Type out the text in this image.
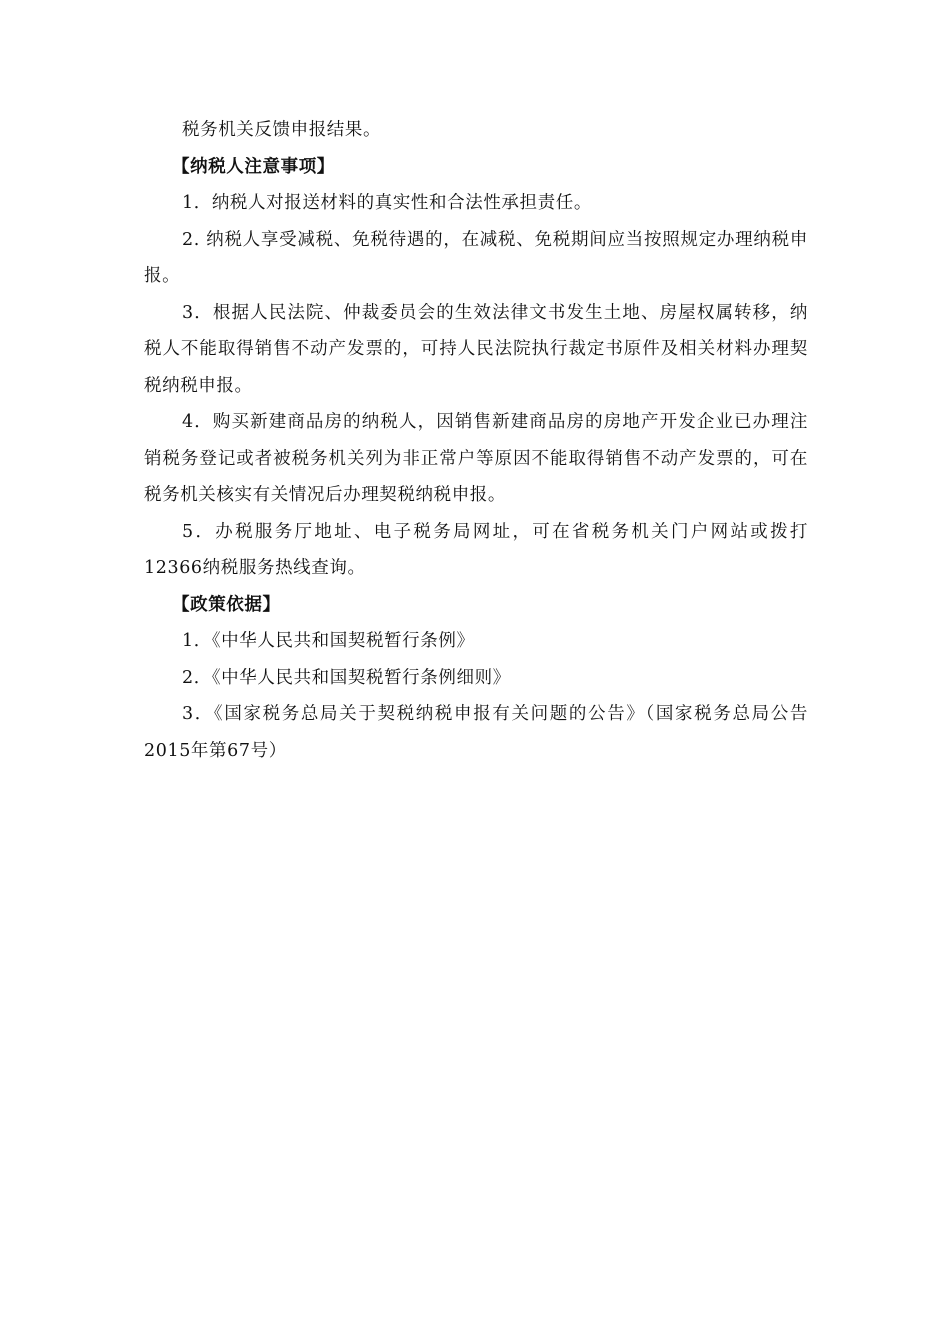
税务机关反馈申报结果。

【纳税人注意事项】

1．纳税人对报送材料的真实性和合法性承担责任。

2. 纳税人享受减税、免税待遇的，在减税、免税期间应当按照规定办理纳税申报。

3．根据人民法院、仲裁委员会的生效法律文书发生土地、房屋权属转移，纳税人不能取得销售不动产发票的，可持人民法院执行裁定书原件及相关材料办理契税纳税申报。

4．购买新建商品房的纳税人，因销售新建商品房的房地产开发企业已办理注销税务登记或者被税务机关列为非正常户等原因不能取得销售不动产发票的，可在税务机关核实有关情况后办理契税纳税申报。

5．办税服务厅地址、电子税务局网址，可在省税务机关门户网站或拨打12366纳税服务热线查询。

【政策依据】

1．《中华人民共和国契税暂行条例》

2．《中华人民共和国契税暂行条例细则》

3．《国家税务总局关于契税纳税申报有关问题的公告》（国家税务总局公告2015年第67号）
